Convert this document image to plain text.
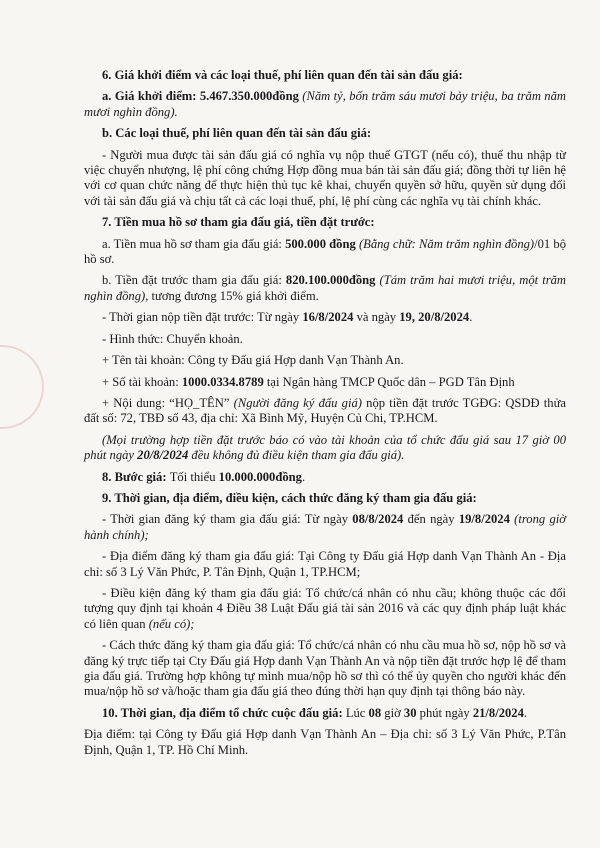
6. Giá khởi điểm và các loại thuế, phí liên quan đến tài sản đấu giá:

a. Giá khởi điểm: 5.467.350.000đồng (Năm tỷ, bốn trăm sáu mươi bảy triệu, ba trăm năm mươi nghìn đồng).

b. Các loại thuế, phí liên quan đến tài sản đấu giá:

- Người mua được tài sản đấu giá có nghĩa vụ nộp thuế GTGT (nếu có), thuế thu nhập từ việc chuyển nhượng, lệ phí công chứng Hợp đồng mua bán tài sản đấu giá; đồng thời tự liên hệ với cơ quan chức năng để thực hiện thủ tục kê khai, chuyển quyền sở hữu, quyền sử dụng đối với tài sản đấu giá và chịu tất cả các loại thuế, phí, lệ phí cùng các nghĩa vụ tài chính khác.

7. Tiền mua hồ sơ tham gia đấu giá, tiền đặt trước:

a. Tiền mua hồ sơ tham gia đấu giá: 500.000 đồng (Bằng chữ: Năm trăm nghìn đồng)/01 bộ hồ sơ.

b. Tiền đặt trước tham gia đấu giá: 820.100.000đồng (Tám trăm hai mươi triệu, một trăm nghìn đồng), tương đương 15% giá khởi điểm.

- Thời gian nộp tiền đặt trước: Từ ngày 16/8/2024 và ngày 19, 20/8/2024.

- Hình thức: Chuyển khoản.

+ Tên tài khoản: Công ty Đấu giá Hợp danh Vạn Thành An.

+ Số tài khoản: 1000.0334.8789 tại Ngân hàng TMCP Quốc dân – PGD Tân Định

+ Nội dung: “HỌ_TÊN” (Người đăng ký đấu giá) nộp tiền đặt trước TGĐG: QSDĐ thửa đất số: 72, TBĐ số 43, địa chỉ: Xã Bình Mỹ, Huyện Củ Chi, TP.HCM.

(Mọi trường hợp tiền đặt trước báo có vào tài khoản của tổ chức đấu giá sau 17 giờ 00 phút ngày 20/8/2024 đều không đủ điều kiện tham gia đấu giá).

8. Bước giá: Tối thiểu 10.000.000đồng.

9. Thời gian, địa điểm, điều kiện, cách thức đăng ký tham gia đấu giá:

- Thời gian đăng ký tham gia đấu giá: Từ ngày 08/8/2024 đến ngày 19/8/2024 (trong giờ hành chính);

- Địa điểm đăng ký tham gia đấu giá: Tại Công ty Đấu giá Hợp danh Vạn Thành An - Địa chỉ: số 3 Lý Văn Phức, P. Tân Định, Quận 1, TP.HCM;

- Điều kiện đăng ký tham gia đấu giá: Tổ chức/cá nhân có nhu cầu; không thuộc các đối tượng quy định tại khoản 4 Điều 38 Luật Đấu giá tài sản 2016 và các quy định pháp luật khác có liên quan (nếu có);

- Cách thức đăng ký tham gia đấu giá: Tổ chức/cá nhân có nhu cầu mua hồ sơ, nộp hồ sơ và đăng ký trực tiếp tại Cty Đấu giá Hợp danh Vạn Thành An và nộp tiền đặt trước hợp lệ để tham gia đấu giá. Trường hợp không tự mình mua/nộp hồ sơ thì có thể ủy quyền cho người khác đến mua/nộp hồ sơ và/hoặc tham gia đấu giá theo đúng thời hạn quy định tại thông báo này.

10. Thời gian, địa điểm tổ chức cuộc đấu giá: Lúc 08 giờ 30 phút ngày 21/8/2024.

Địa điểm: tại Công ty Đấu giá Hợp danh Vạn Thành An – Địa chỉ: số 3 Lý Văn Phức, P.Tân Định, Quận 1, TP. Hồ Chí Minh.
